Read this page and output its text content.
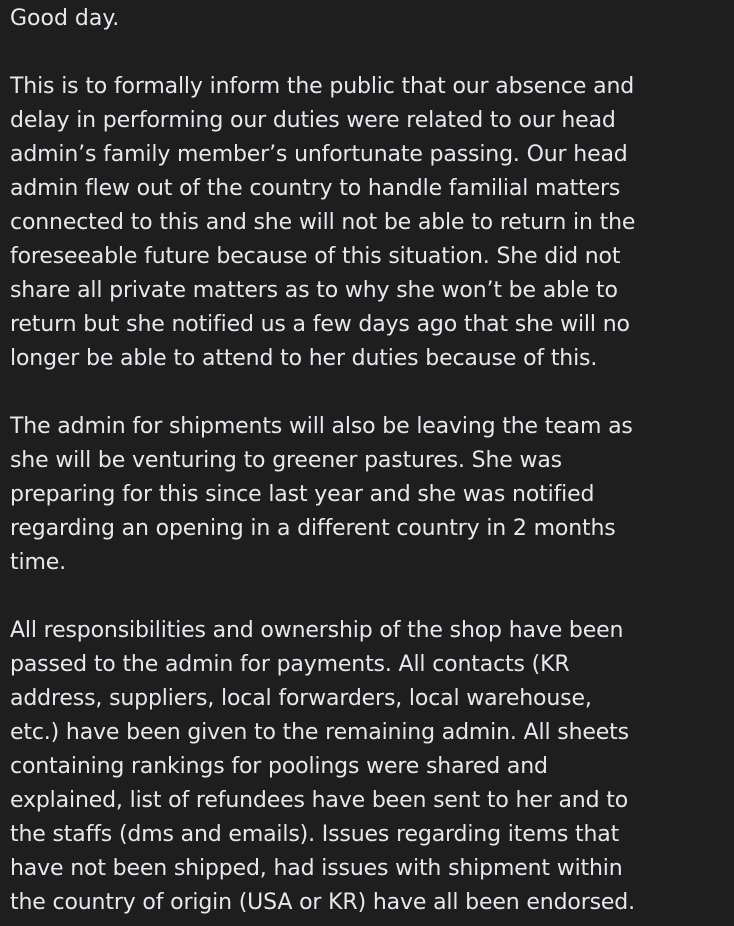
Good day.

This is to formally inform the public that our absence and
delay in performing our duties were related to our head
admin’s family member’s unfortunate passing. Our head
admin flew out of the country to handle familial matters
connected to this and she will not be able to return in the
foreseeable future because of this situation. She did not
share all private matters as to why she won’t be able to
return but she notified us a few days ago that she will no
longer be able to attend to her duties because of this.

The admin for shipments will also be leaving the team as
she will be venturing to greener pastures. She was
preparing for this since last year and she was notified
regarding an opening in a different country in 2 months
time.

All responsibilities and ownership of the shop have been
passed to the admin for payments. All contacts (KR
address, suppliers, local forwarders, local warehouse,
etc.) have been given to the remaining admin. All sheets
containing rankings for poolings were shared and
explained, list of refundees have been sent to her and to
the staffs (dms and emails). Issues regarding items that
have not been shipped, had issues with shipment within
the country of origin (USA or KR) have all been endorsed.
